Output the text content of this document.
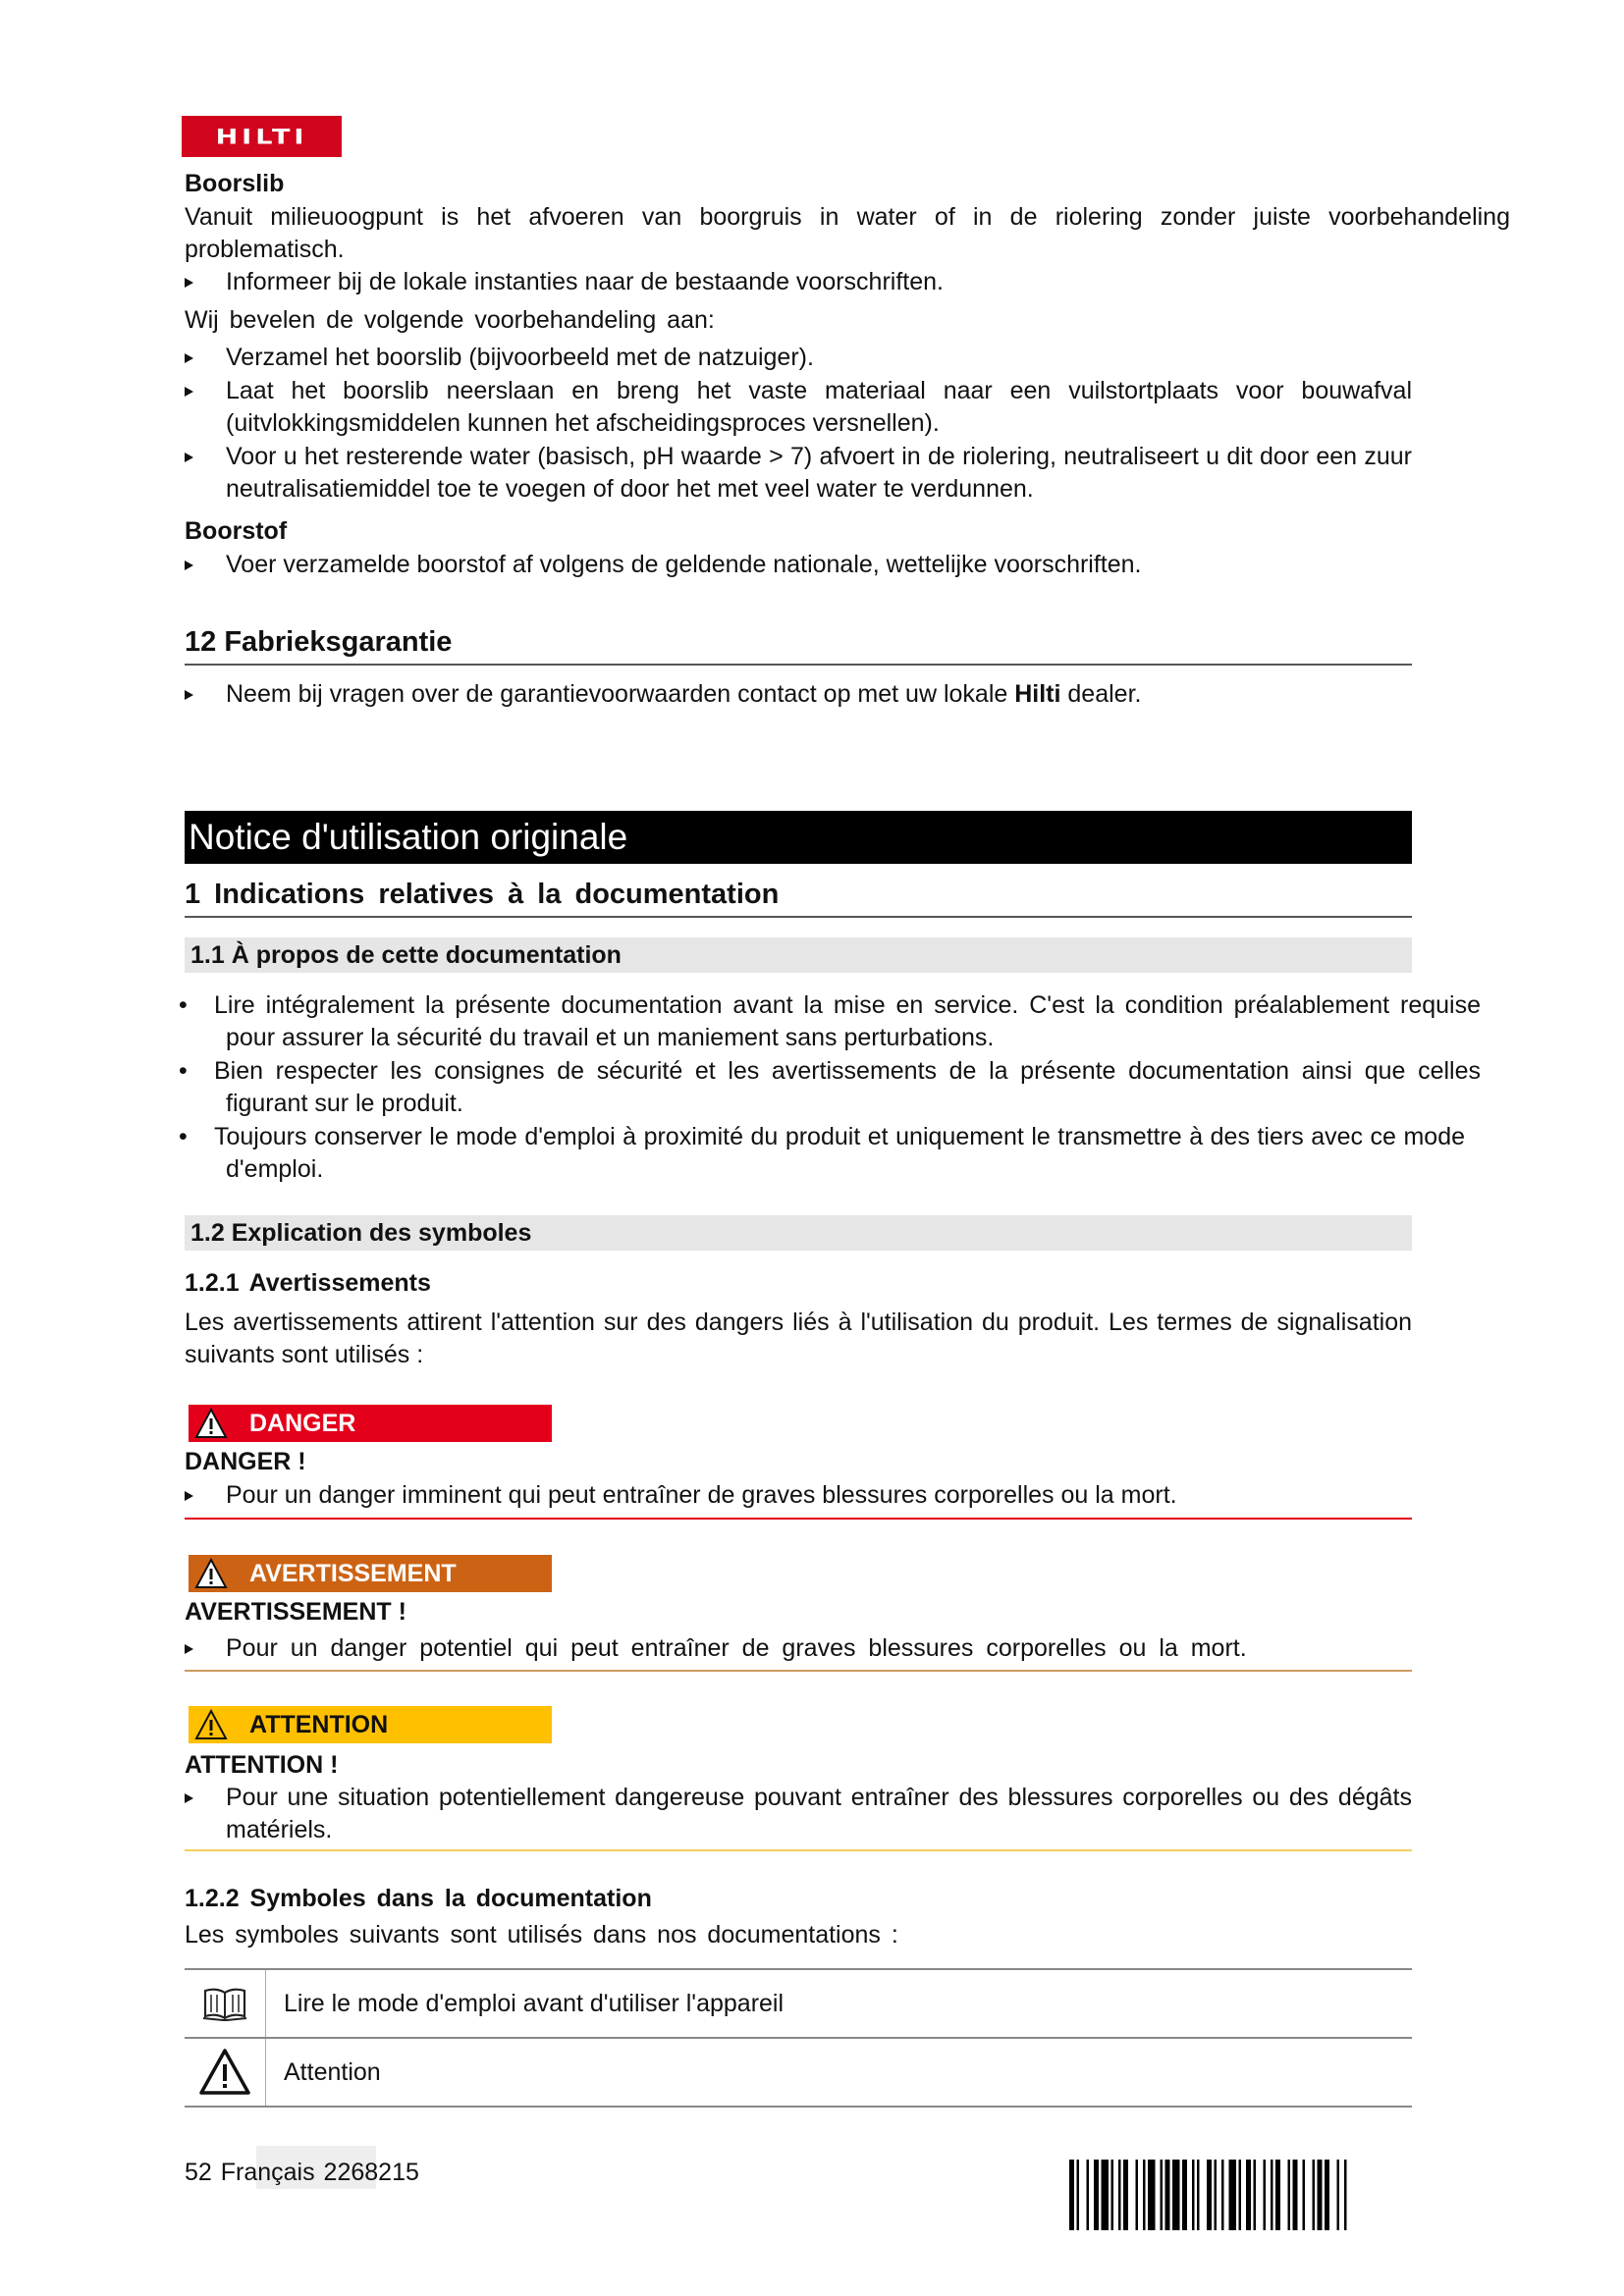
HILTI
Boorslib
Vanuit milieuoogpunt is het afvoeren van boorgruis in water of in de riolering zonder juiste voorbehandeling problematisch.
Informeer bij de lokale instanties naar de bestaande voorschriften.
Wij bevelen de volgende voorbehandeling aan:
Verzamel het boorslib (bijvoorbeeld met de natzuiger).
Laat het boorslib neerslaan en breng het vaste materiaal naar een vuilstortplaats voor bouwafval (uitvlokkingsmiddelen kunnen het afscheidingsproces versnellen).
Voor u het resterende water (basisch, pH waarde > 7) afvoert in de riolering, neutraliseert u dit door een zuur neutralisatiemiddel toe te voegen of door het met veel water te verdunnen.
Boorstof
Voer verzamelde boorstof af volgens de geldende nationale, wettelijke voorschriften.
12 Fabrieksgarantie
Neem bij vragen over de garantievoorwaarden contact op met uw lokale Hilti dealer.
Notice d'utilisation originale
1 Indications relatives à la documentation
1.1 À propos de cette documentation
• Lire intégralement la présente documentation avant la mise en service. C'est la condition préalablement requise pour assurer la sécurité du travail et un maniement sans perturbations.
• Bien respecter les consignes de sécurité et les avertissements de la présente documentation ainsi que celles figurant sur le produit.
• Toujours conserver le mode d'emploi à proximité du produit et uniquement le transmettre à des tiers avec ce mode d'emploi.
1.2 Explication des symboles
1.2.1 Avertissements
Les avertissements attirent l'attention sur des dangers liés à l'utilisation du produit. Les termes de signalisation suivants sont utilisés :
DANGER
DANGER !
Pour un danger imminent qui peut entraîner de graves blessures corporelles ou la mort.
AVERTISSEMENT
AVERTISSEMENT !
Pour un danger potentiel qui peut entraîner de graves blessures corporelles ou la mort.
ATTENTION
ATTENTION !
Pour une situation potentiellement dangereuse pouvant entraîner des blessures corporelles ou des dégâts matériels.
1.2.2 Symboles dans la documentation
Les symboles suivants sont utilisés dans nos documentations :
Lire le mode d'emploi avant d'utiliser l'appareil
Attention
52 Français 2268215
